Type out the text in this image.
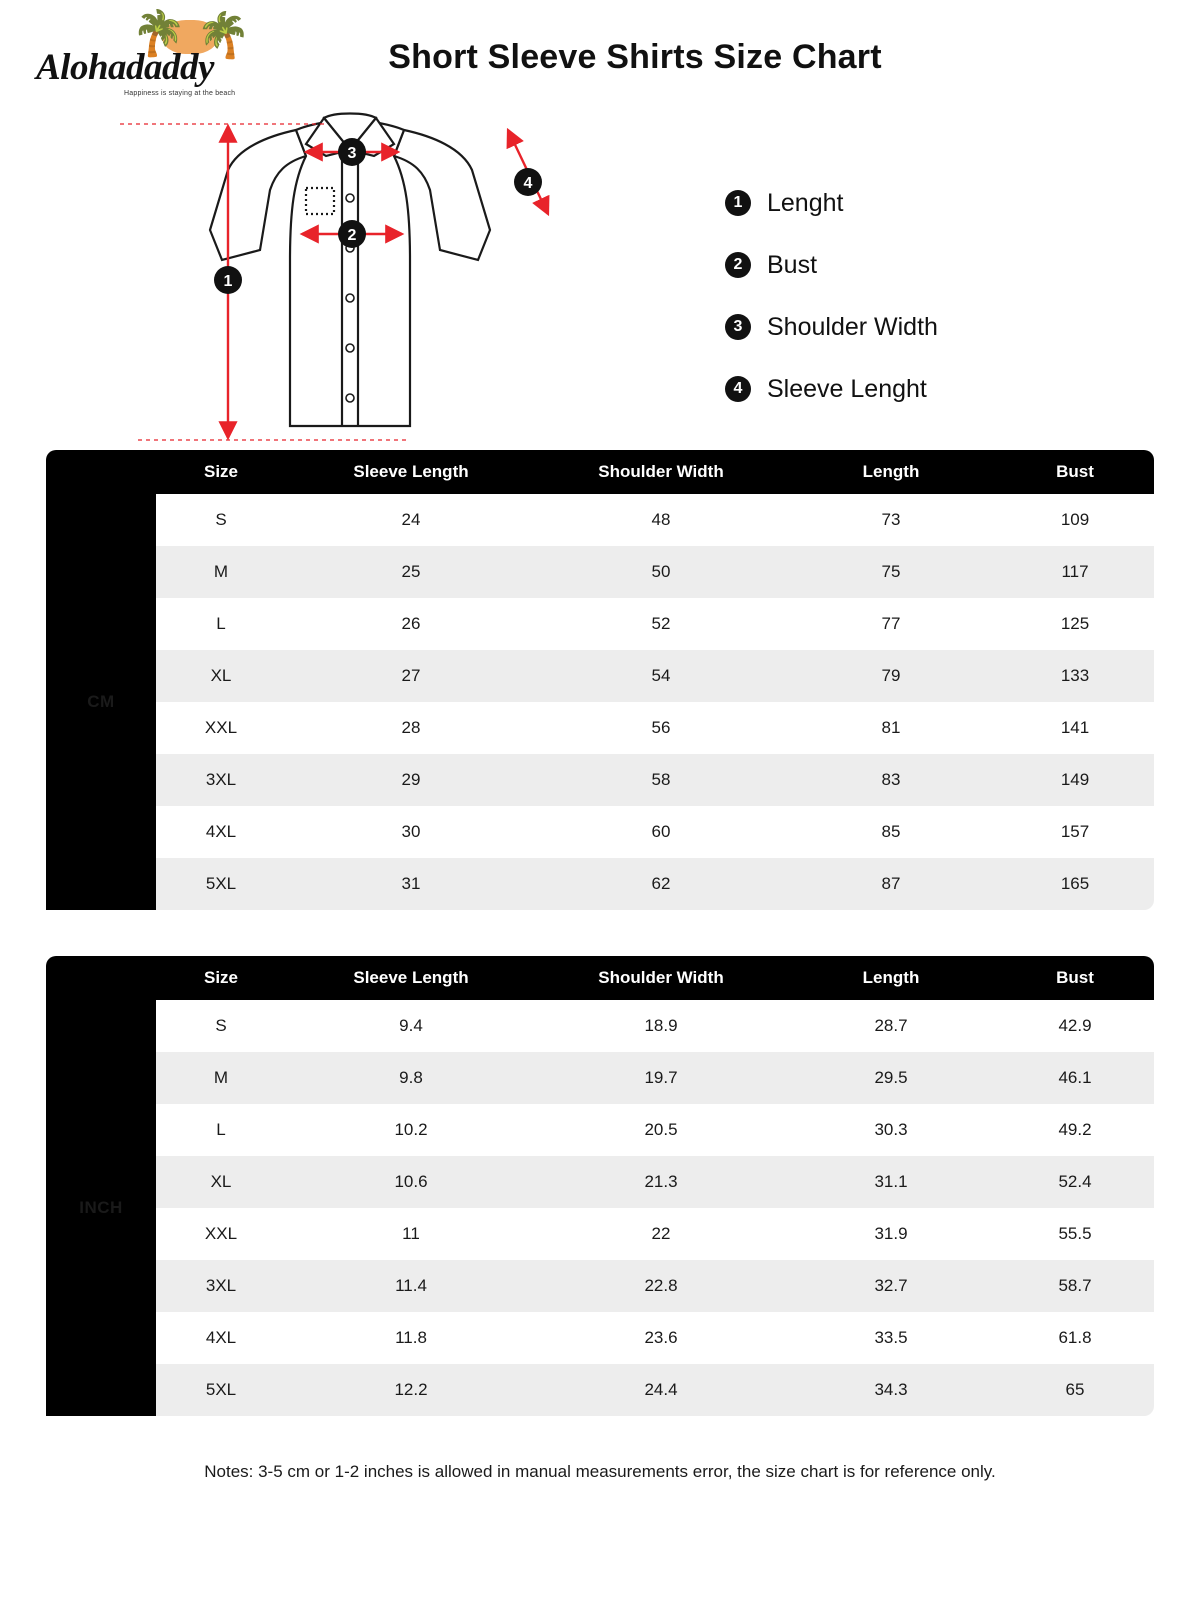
🌴 🌴
Alohadaddy
Happiness is staying at the beach
Short Sleeve Shirts Size Chart
1
2
3
4
1 Lenght
2 Bust
3 Shoulder Width
4 Sleeve Lenght
	Size	Sleeve Length	Shoulder Width	Length	Bust
CM	S	24	48	73	109
	M	25	50	75	117
	L	26	52	77	125
	XL	27	54	79	133
	XXL	28	56	81	141
	3XL	29	58	83	149
	4XL	30	60	85	157
	5XL	31	62	87	165
	Size	Sleeve Length	Shoulder Width	Length	Bust
INCH	S	9.4	18.9	28.7	42.9
	M	9.8	19.7	29.5	46.1
	L	10.2	20.5	30.3	49.2
	XL	10.6	21.3	31.1	52.4
	XXL	11	22	31.9	55.5
	3XL	11.4	22.8	32.7	58.7
	4XL	11.8	23.6	33.5	61.8
	5XL	12.2	24.4	34.3	65
Notes: 3-5 cm or 1-2 inches is allowed in manual measurements error, the size chart is for reference only.
